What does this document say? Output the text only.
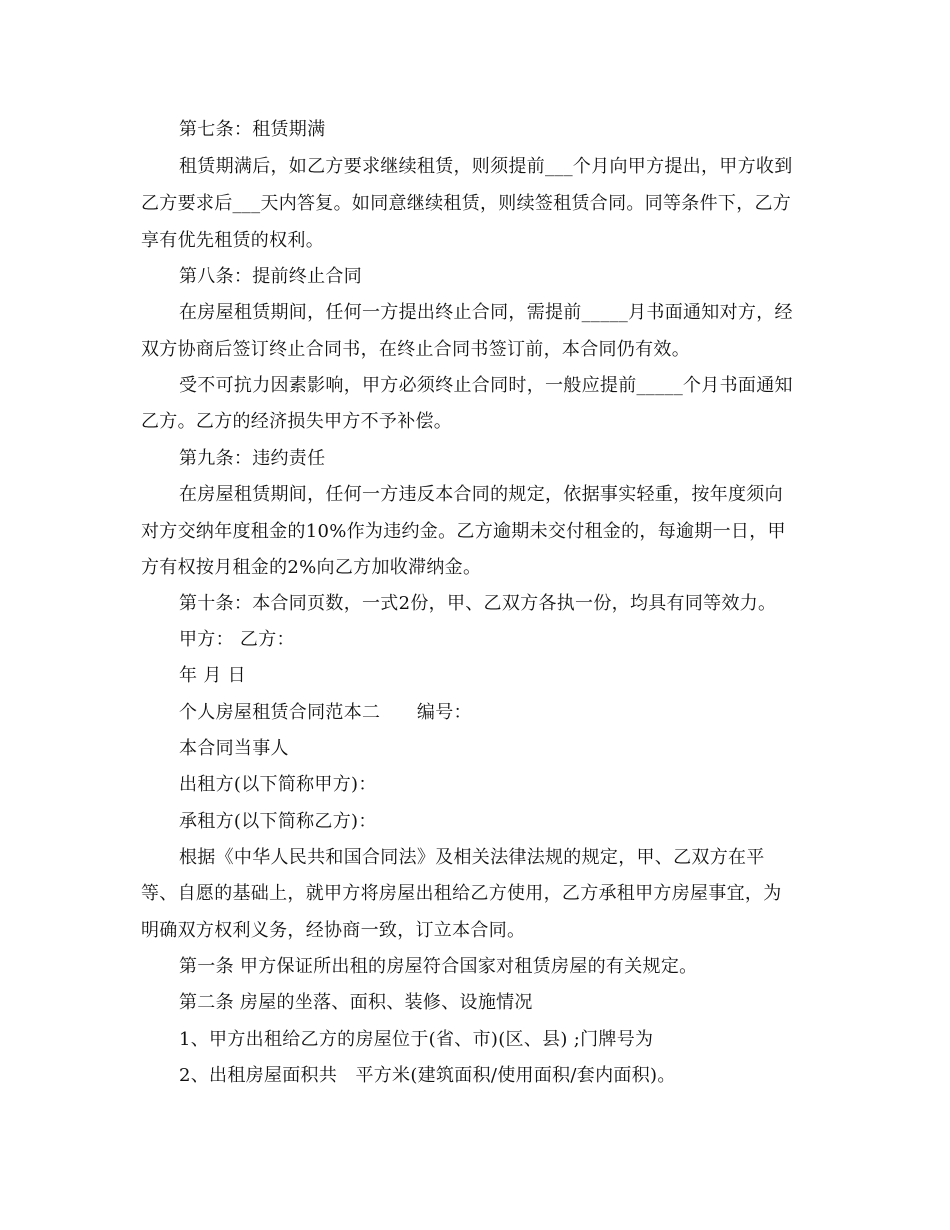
第七条：租赁期满
租赁期满后，如乙方要求继续租赁，则须提前___个月向甲方提出，甲方收到
乙方要求后___天内答复。如同意继续租赁，则续签租赁合同。同等条件下，乙方
享有优先租赁的权利。
第八条：提前终止合同
在房屋租赁期间，任何一方提出终止合同，需提前_____月书面通知对方，经
双方协商后签订终止合同书，在终止合同书签订前，本合同仍有效。
受不可抗力因素影响，甲方必须终止合同时，一般应提前_____个月书面通知
乙方。乙方的经济损失甲方不予补偿。
第九条：违约责任
在房屋租赁期间，任何一方违反本合同的规定，依据事实轻重，按年度须向
对方交纳年度租金的10%作为违约金。乙方逾期未交付租金的，每逾期一日，甲
方有权按月租金的2%向乙方加收滞纳金。
第十条：本合同页数，一式2份，甲、乙双方各执一份，均具有同等效力。
甲方： 乙方：
年 月 日
个人房屋租赁合同范本二　　编号：
本合同当事人
出租方(以下简称甲方)：
承租方(以下简称乙方)：
根据《中华人民共和国合同法》及相关法律法规的规定，甲、乙双方在平
等、自愿的基础上，就甲方将房屋出租给乙方使用，乙方承租甲方房屋事宜，为
明确双方权利义务，经协商一致，订立本合同。
第一条 甲方保证所出租的房屋符合国家对租赁房屋的有关规定。
第二条 房屋的坐落、面积、装修、设施情况
1、甲方出租给乙方的房屋位于(省、市)(区、县) ;门牌号为
2、出租房屋面积共　平方米(建筑面积/使用面积/套内面积)。
